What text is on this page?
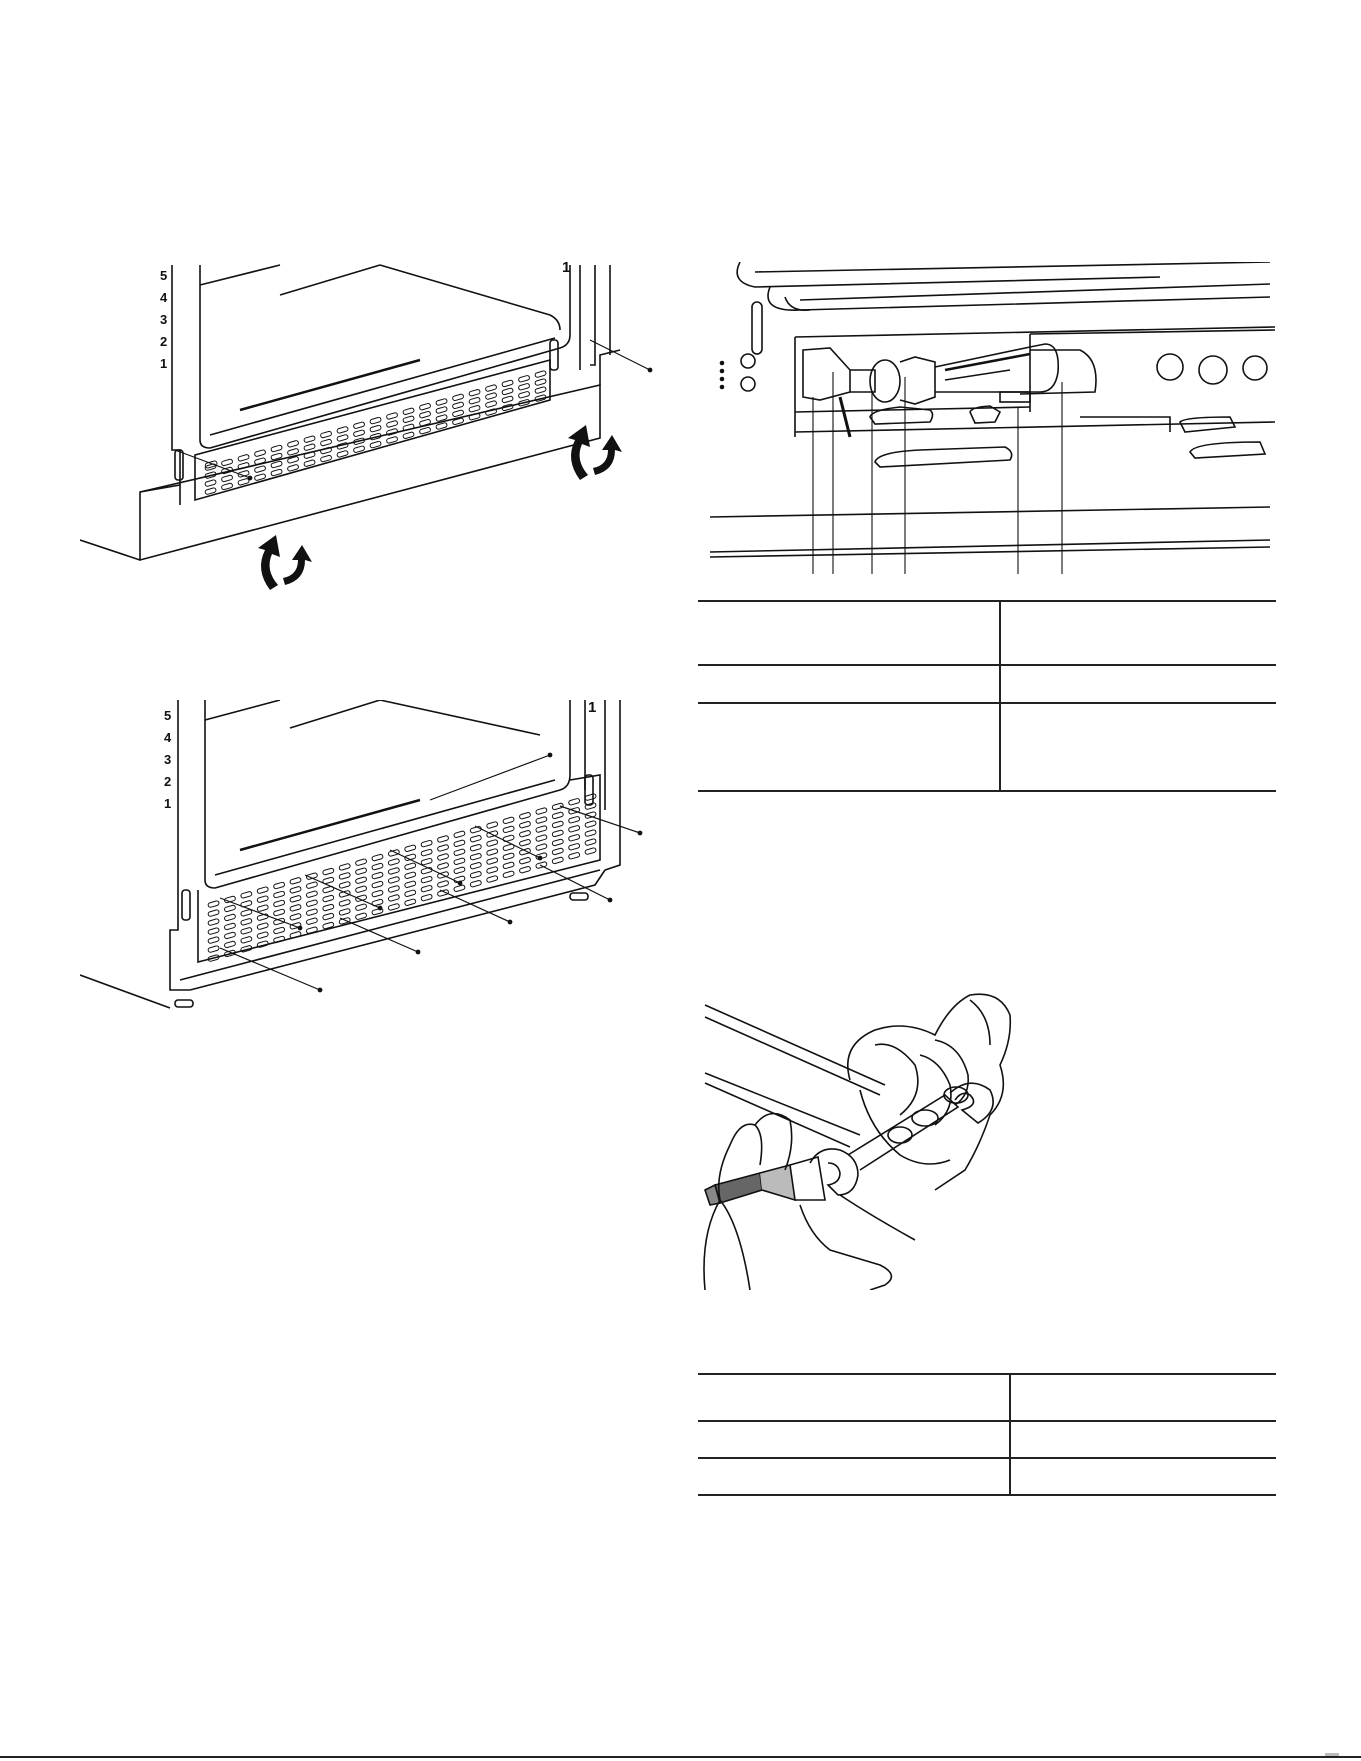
5
4
3
2
1
1
5
4
3
2
1
1
